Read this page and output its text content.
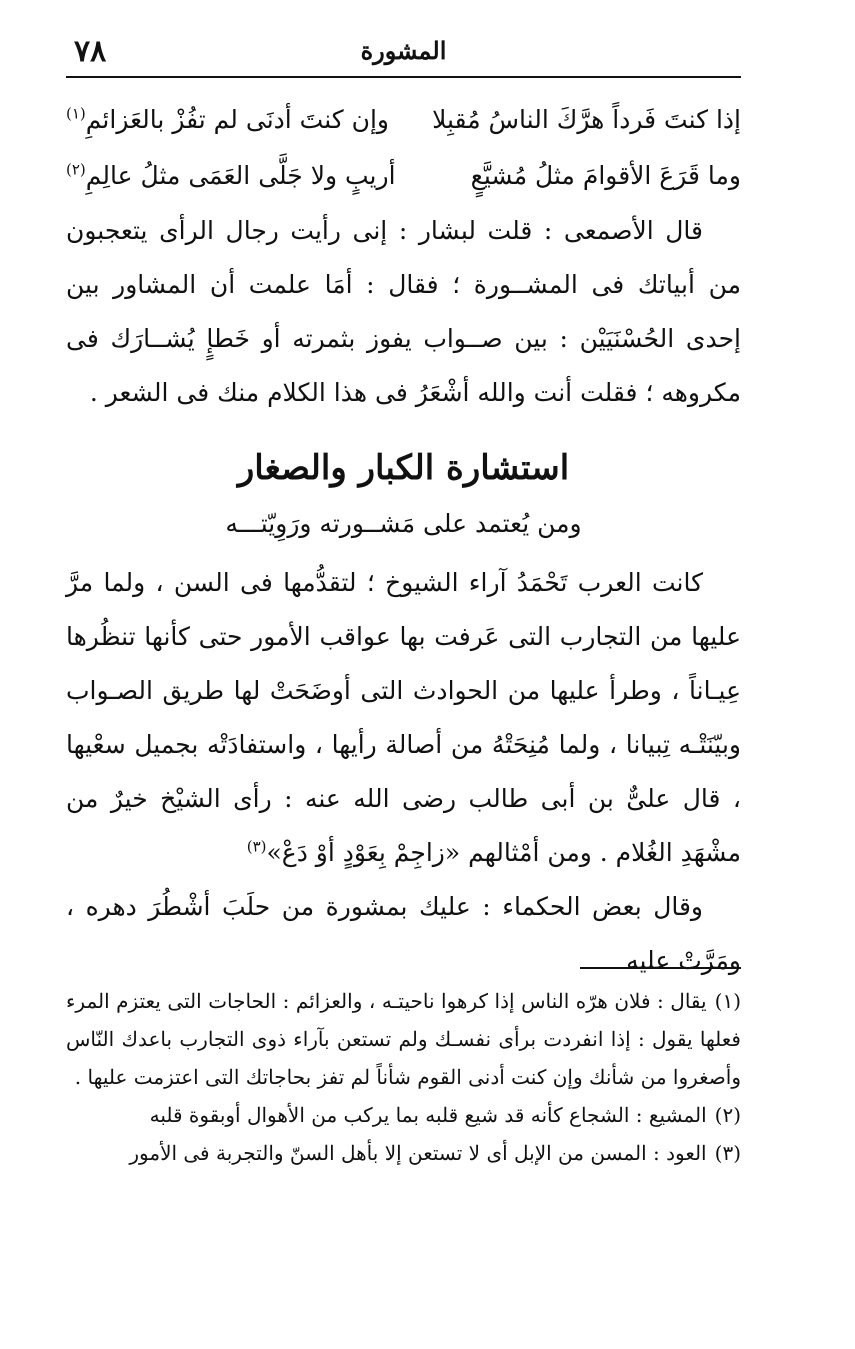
٧٨	المشورة
إذا كنتَ فَرداً هرَّكَ الناسُ مُقبِلا
وإن كنتَ أدنَى لم تفُزْ بالعَزائمِ$^{(١)}$
وما قَرَعَ الأقوامَ مثلُ مُشيَّعٍ
أريبٍ ولا جَلَّى العَمَى مثلُ عالِمِ$^{(٢)}$

قال الأصمعى : قلت لبشار : إنى رأيت رجال الرأى يتعجبون من أبياتك فى المشــورة ؛ فقال : أمَا علمت أن المشاور بين إحدى الحُسْنَيَيْن : بين صــواب يفوز بثمرته أو خَطإٍ يُشــارَك فى مكروهه ؛ فقلت أنت والله أشْعَرُ فى هذا الكلام منك فى الشعر .

استشارة الكبار والصغار
ومن يُعتمد على مَشــورته ورَوِيّتـــه

كانت العرب تَحْمَدُ آراء الشيوخ ؛ لتقدُّمها فى السن ، ولما مرَّ عليها من التجارب التى عَرفت بها عواقب الأمور حتى كأنها تنظُرها عِيـاناً ، وطرأ عليها من الحوادث التى أوضَحَتْ لها طريق الصـواب وبيّنَتْـه تِبيانا ، ولما مُنِحَتْهُ من أصالة رأيها ، واستفادَتْه بجميل سعْيها ، قال علىٌّ بن أبى طالب رضى الله عنه : رأى الشيْخ خيرٌ من مشْهَدِ الغُلام . ومن أمْثالهم «زاجِمْ بِعَوْدٍ أوْ دَعْ»$^{(٣)}$

وقال بعض الحكماء : عليك بمشورة من حلَبَ أشْطُرَ دهره ، ومَرَّتْ عليه

(١)يقال : فلان هرّه الناس إذا كرهوا ناحيتـه ، والعزائم : الحاجات التى يعتزم المرء فعلها يقول : إذا انفردت برأى نفسـك ولم تستعن بآراء ذوى التجارب باعدك النّاس وأصغروا من شأنك وإن كنت أدنى القوم شأناً لم تفز بحاجاتك التى اعتزمت عليها .

(٢)المشيع : الشجاع كأنه قد شيع قلبه بما يركب من الأهوال أوبقوة قلبه

(٣)العود : المسن من الإبل أى لا تستعن إلا بأهل السنّ والتجربة فى الأمور
